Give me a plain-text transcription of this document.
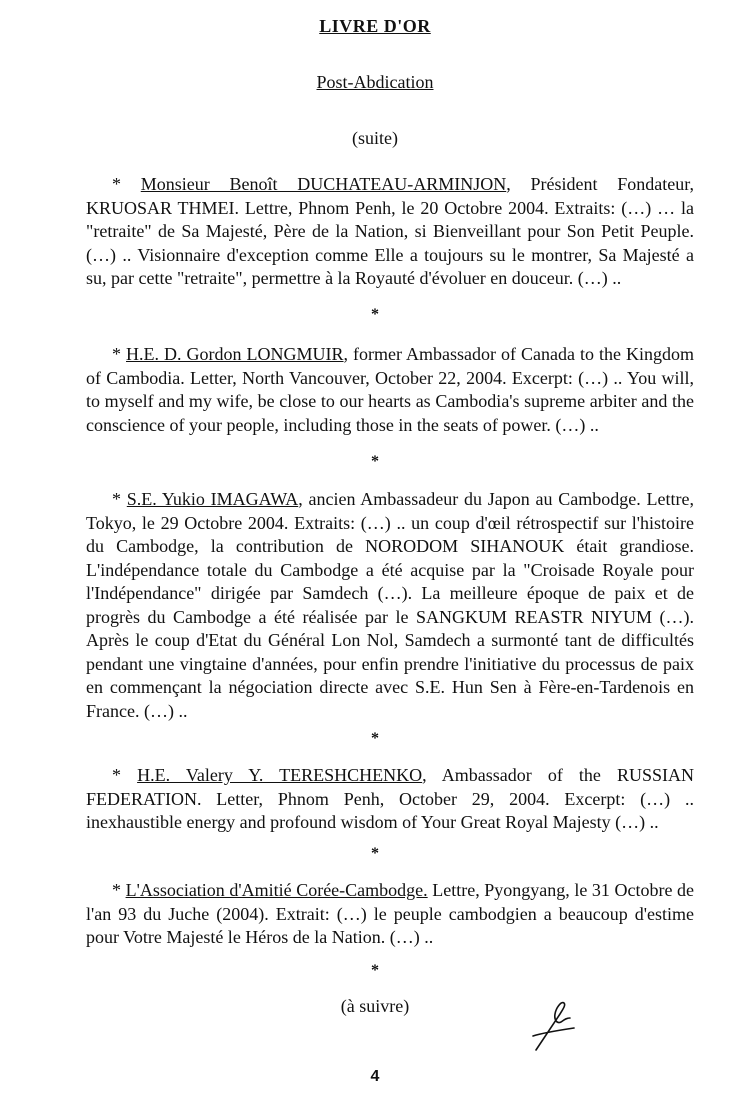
LIVRE D'OR
Post-Abdication
(suite)

* Monsieur Benoît DUCHATEAU-ARMINJON, Président Fondateur, KRUOSAR THMEI. Lettre, Phnom Penh, le 20 Octobre 2004. Extraits: (…) … la "retraite" de Sa Majesté, Père de la Nation, si Bienveillant pour Son Petit Peuple. (…) .. Visionnaire d'exception comme Elle a toujours su le montrer, Sa Majesté a su, par cette "retraite", permettre à la Royauté d'évoluer en douceur. (…) ..

*

* H.E. D. Gordon LONGMUIR, former Ambassador of Canada to the Kingdom of Cambodia. Letter, North Vancouver, October 22, 2004. Excerpt: (…) .. You will, to myself and my wife, be close to our hearts as Cambodia's supreme arbiter and the conscience of your people, including those in the seats of power. (…) ..

*

* S.E. Yukio IMAGAWA, ancien Ambassadeur du Japon au Cambodge. Lettre, Tokyo, le 29 Octobre 2004. Extraits: (…) .. un coup d'œil rétrospectif sur l'histoire du Cambodge, la contribution de NORODOM SIHANOUK était grandiose. L'indépendance totale du Cambodge a été acquise par la "Croisade Royale pour l'Indépendance" dirigée par Samdech (…). La meilleure époque de paix et de progrès du Cambodge a été réalisée par le SANGKUM REASTR NIYUM (…). Après le coup d'Etat du Général Lon Nol, Samdech a surmonté tant de difficultés pendant une vingtaine d'années, pour enfin prendre l'initiative du processus de paix en commençant la négociation directe avec S.E. Hun Sen à Fère-en-Tardenois en France. (…) ..

*

* H.E. Valery Y. TERESHCHENKO, Ambassador of the RUSSIAN FEDERATION. Letter, Phnom Penh, October 29, 2004. Excerpt: (…) .. inexhaustible energy and profound wisdom of Your Great Royal Majesty (…) ..

*

* L'Association d'Amitié Corée-Cambodge. Lettre, Pyongyang, le 31 Octobre de l'an 93 du Juche (2004). Extrait: (…) le peuple cambodgien a beaucoup d'estime pour Votre Majesté le Héros de la Nation. (…) ..

*
(à suivre)
4
